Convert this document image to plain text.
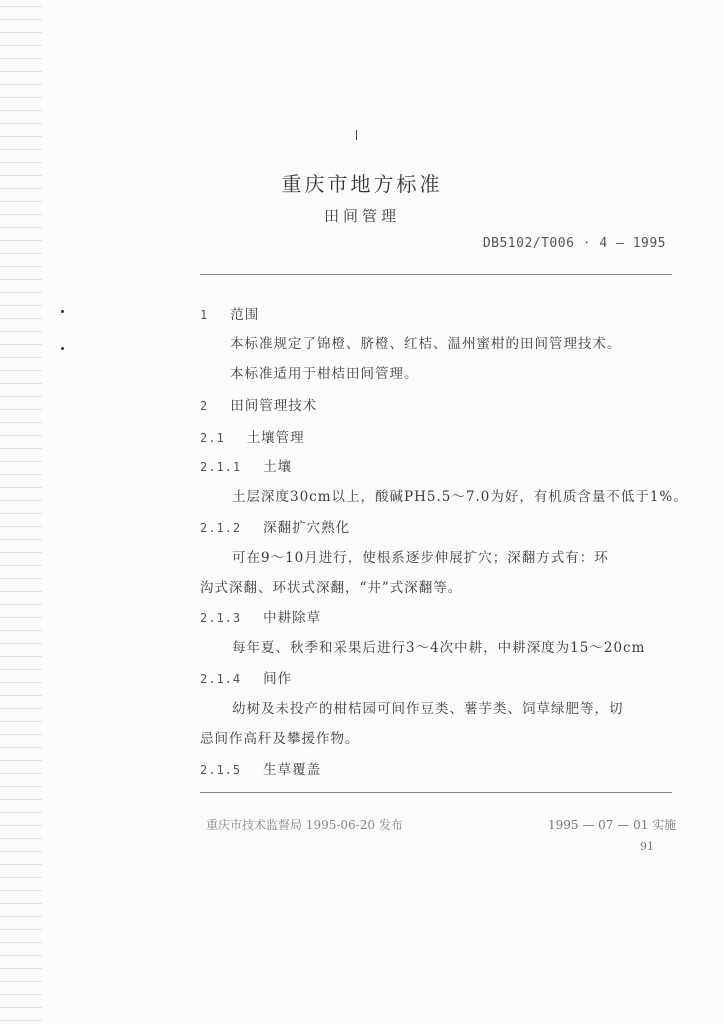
重庆市地方标准
田间管理
DB5102/T006 · 4 — 1995
1 范围
本标准规定了锦橙、脐橙、红桔、温州蜜柑的田间管理技术。
本标准适用于柑桔田间管理。
2 田间管理技术
2.1 土壤管理
2.1.1 土壤
土层深度30cm以上，酸碱PH5.5～7.0为好，有机质含量不低于1%。
2.1.2 深翻扩穴熟化
可在9～10月进行，使根系逐步伸展扩穴；深翻方式有：环
沟式深翻、环状式深翻，“井”式深翻等。
2.1.3 中耕除草
每年夏、秋季和采果后进行3～4次中耕，中耕深度为15～20cm
2.1.4 间作
幼树及未投产的柑桔园可间作豆类、薯芋类、饲草绿肥等，切
忌间作高秆及攀援作物。
2.1.5 生草覆盖
重庆市技术监督局 1995-06-20 发布	1995 — 07 — 01 实施
91
